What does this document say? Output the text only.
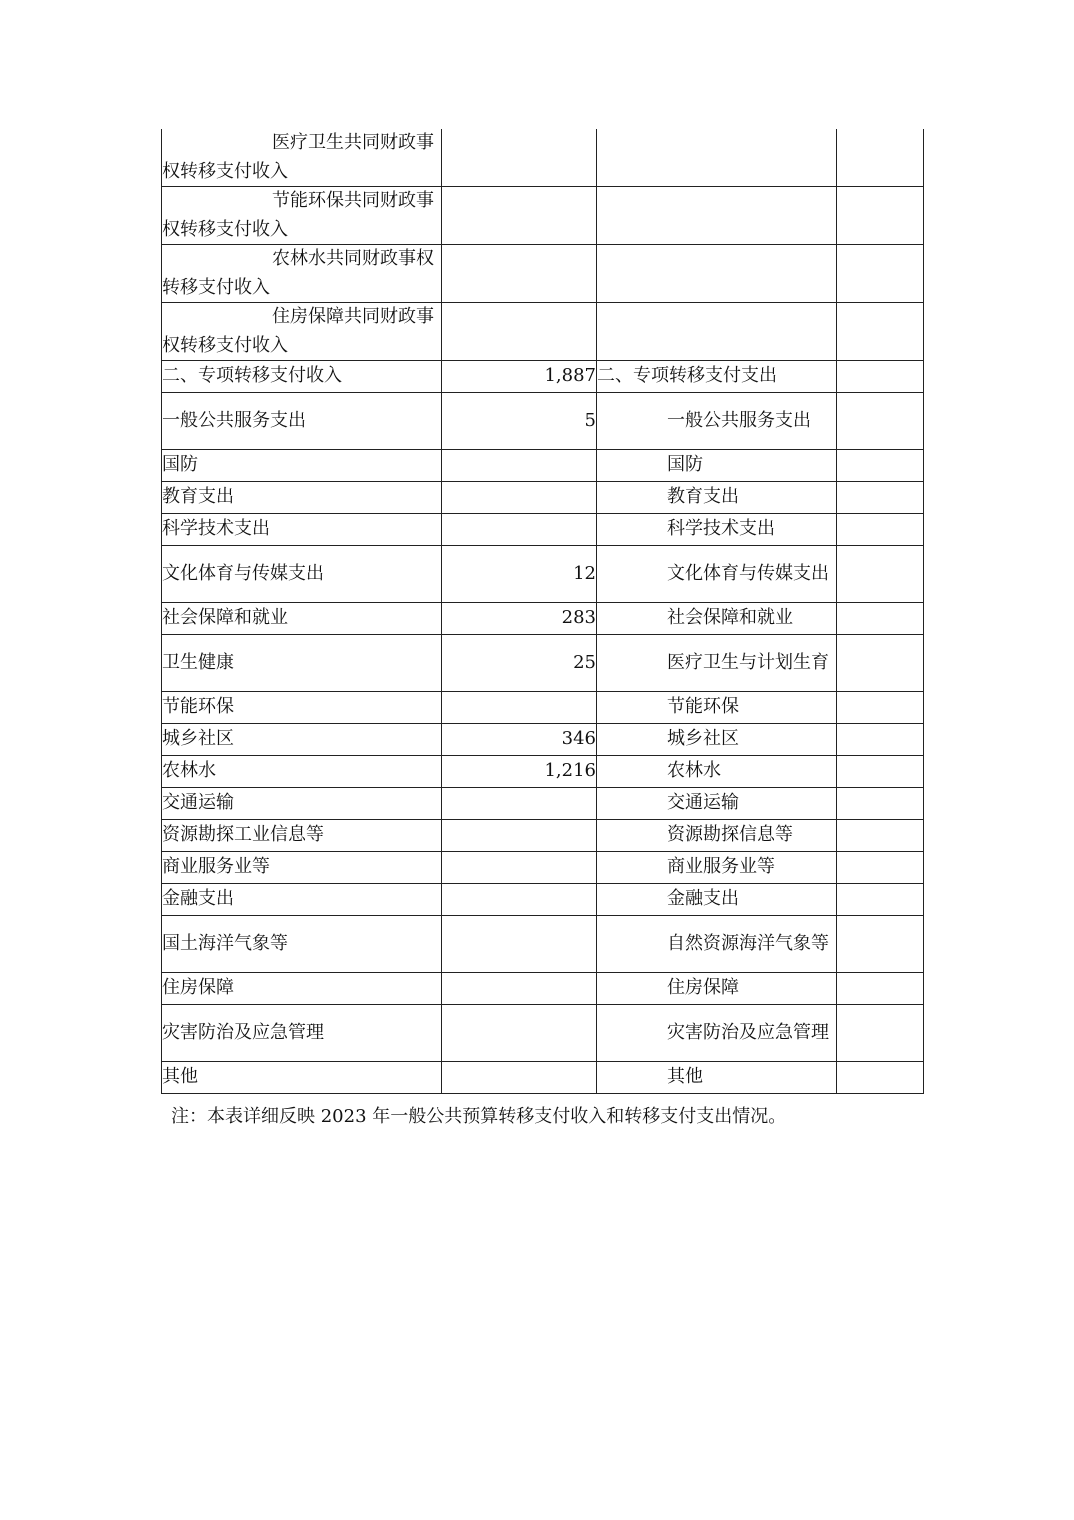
医疗卫生共同财政事权转移支付收入			
节能环保共同财政事权转移支付收入			
农林水共同财政事权转移支付收入			
住房保障共同财政事权转移支付收入			
二、专项转移支付收入	1,887	二、专项转移支付支出	
一般公共服务支出	5	一般公共服务支出	
国防		国防	
教育支出		教育支出	
科学技术支出		科学技术支出	
文化体育与传媒支出	12	文化体育与传媒支出	
社会保障和就业	283	社会保障和就业	
卫生健康	25	医疗卫生与计划生育	
节能环保		节能环保	
城乡社区	346	城乡社区	
农林水	1,216	农林水	
交通运输		交通运输	
资源勘探工业信息等		资源勘探信息等	
商业服务业等		商业服务业等	
金融支出		金融支出	
国土海洋气象等		自然资源海洋气象等	
住房保障		住房保障	
灾害防治及应急管理		灾害防治及应急管理	
其他		其他	
注：本表详细反映 2023 年一般公共预算转移支付收入和转移支付支出情况。
